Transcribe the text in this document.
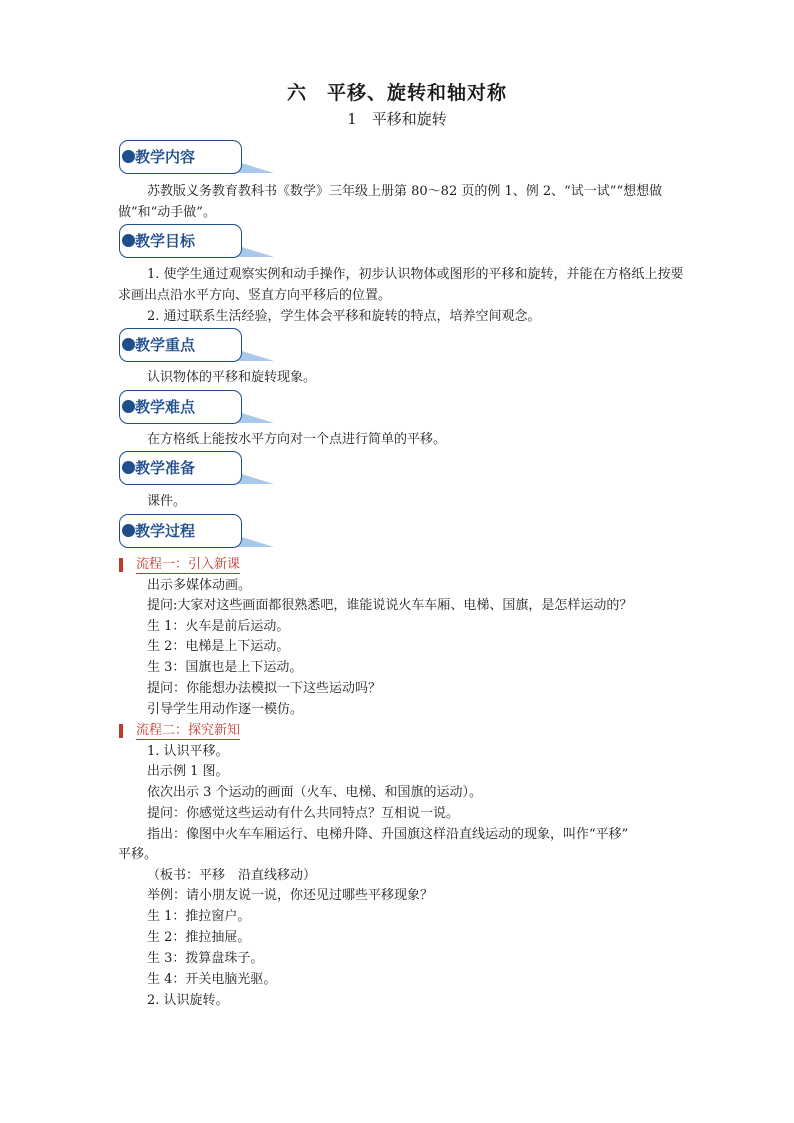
六　平移、旋转和轴对称
1　平移和旋转
教学内容

苏教版义务教育教科书《数学》三年级上册第 80～82 页的例 1、例 2、“试一试”“想想做做”和“动手做”。

教学目标

1. 使学生通过观察实例和动手操作，初步认识物体或图形的平移和旋转，并能在方格纸上按要求画出点沿水平方向、竖直方向平移后的位置。

2. 通过联系生活经验，学生体会平移和旋转的特点，培养空间观念。

教学重点
认识物体的平移和旋转现象。
教学难点
在方格纸上能按水平方向对一个点进行简单的平移。
教学准备
课件。
教学过程
流程一：引入新课
出示多媒体动画。
提问:大家对这些画面都很熟悉吧，谁能说说火车车厢、电梯、国旗，是怎样运动的？
生 1：火车是前后运动。
生 2：电梯是上下运动。
生 3：国旗也是上下运动。
提问：你能想办法模拟一下这些运动吗？
引导学生用动作逐一模仿。
流程二：探究新知
1. 认识平移。
出示例 1 图。
依次出示 3 个运动的画面（火车、电梯、和国旗的运动）。
提问：你感觉这些运动有什么共同特点？互相说一说。
指出：像图中火车车厢运行、电梯升降、升国旗这样沿直线运动的现象，叫作“平移”
平移。
（板书：平移　沿直线移动）
举例：请小朋友说一说，你还见过哪些平移现象？
生 1：推拉窗户。
生 2：推拉抽屉。
生 3：拨算盘珠子。
生 4：开关电脑光驱。
2. 认识旋转。
